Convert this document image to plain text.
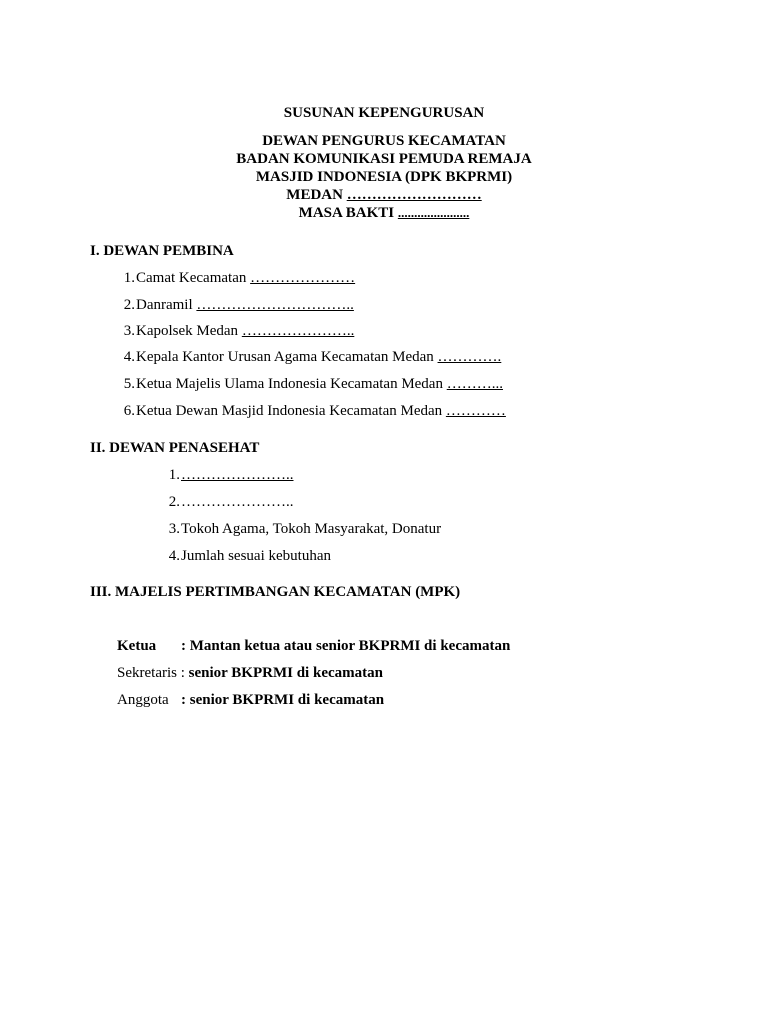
SUSUNAN KEPENGURUSAN
DEWAN PENGURUS KECAMATAN
BADAN KOMUNIKASI PEMUDA REMAJA
MASJID INDONESIA (DPK BKPRMI)
MEDAN ………………………
MASA BAKTI ......................
I. DEWAN PEMBINA
1. Camat Kecamatan …………………
2. Danramil …………………………..
3. Kapolsek Medan …………………..
4. Kepala Kantor Urusan Agama Kecamatan Medan ………….
5. Ketua Majelis Ulama Indonesia Kecamatan Medan ………...
6. Ketua Dewan Masjid Indonesia Kecamatan Medan …………
II. DEWAN PENASEHAT
1. …………………..
2. …………………..
3. Tokoh Agama, Tokoh Masyarakat, Donatur
4. Jumlah sesuai kebutuhan
III. MAJELIS PERTIMBANGAN KECAMATAN (MPK)
Ketua : Mantan ketua atau senior BKPRMI di kecamatan
Sekretaris : senior BKPRMI di kecamatan
Anggota : senior BKPRMI di kecamatan
